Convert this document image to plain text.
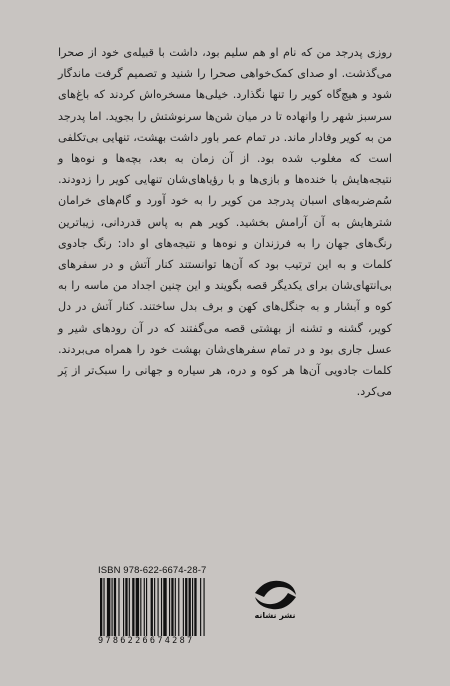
روزی پدرجد من که نام او هم سلیم بود، داشت با قبیله‌ی خود از صحرا می‌گذشت. او صدای کمک‌خواهی صحرا را شنید و تصمیم گرفت ماندگار شود و هیچ‌گاه کویر را تنها نگذارد. خیلی‌ها مسخره‌اش کردند که باغ‌های سرسبز شهر را وانهاده تا در میان شن‌ها سرنوشتش را بجوید. اما پدرجد من به کویر وفادار ماند. در تمام عمر باور داشت بهشت، تنهایی بی‌تکلفی است که مغلوب شده بود. از آن زمان به بعد، بچه‌ها و نوه‌ها و نتیجه‌هایش با خنده‌ها و بازی‌ها و با رؤیاهای‌شان تنهایی کویر را زدودند. سُم‌ضربه‌های اسبان پدرجد من کویر را به خود آورد و گام‌های خرامان شترهایش به آن آرامش بخشید. کویر هم به پاس قدردانی، زیباترین رنگ‌های جهان را به فرزندان و نوه‌ها و نتیجه‌های او داد: رنگ جادوی کلمات و به این ترتیب بود که آن‌ها توانستند کنار آتش و در سفرهای بی‌انتهای‌شان برای یکدیگر قصه بگویند و این چنین اجداد من ماسه را به کوه و آبشار و به جنگل‌های کهن و برف بدل ساختند. کنار آتش در دل کویر، گشنه و تشنه از بهشتی قصه می‌گفتند که در آن رودهای شیر و عسل جاری بود و در تمام سفرهای‌شان بهشت خود را همراه می‌بردند. کلمات جادویی آن‌ها هر کوه و دره، هر سیاره و جهانی را سبک‌تر از پَر می‌کرد.

ISBN 978-622-6674-28-7
9786226674287
نشر نشانه
